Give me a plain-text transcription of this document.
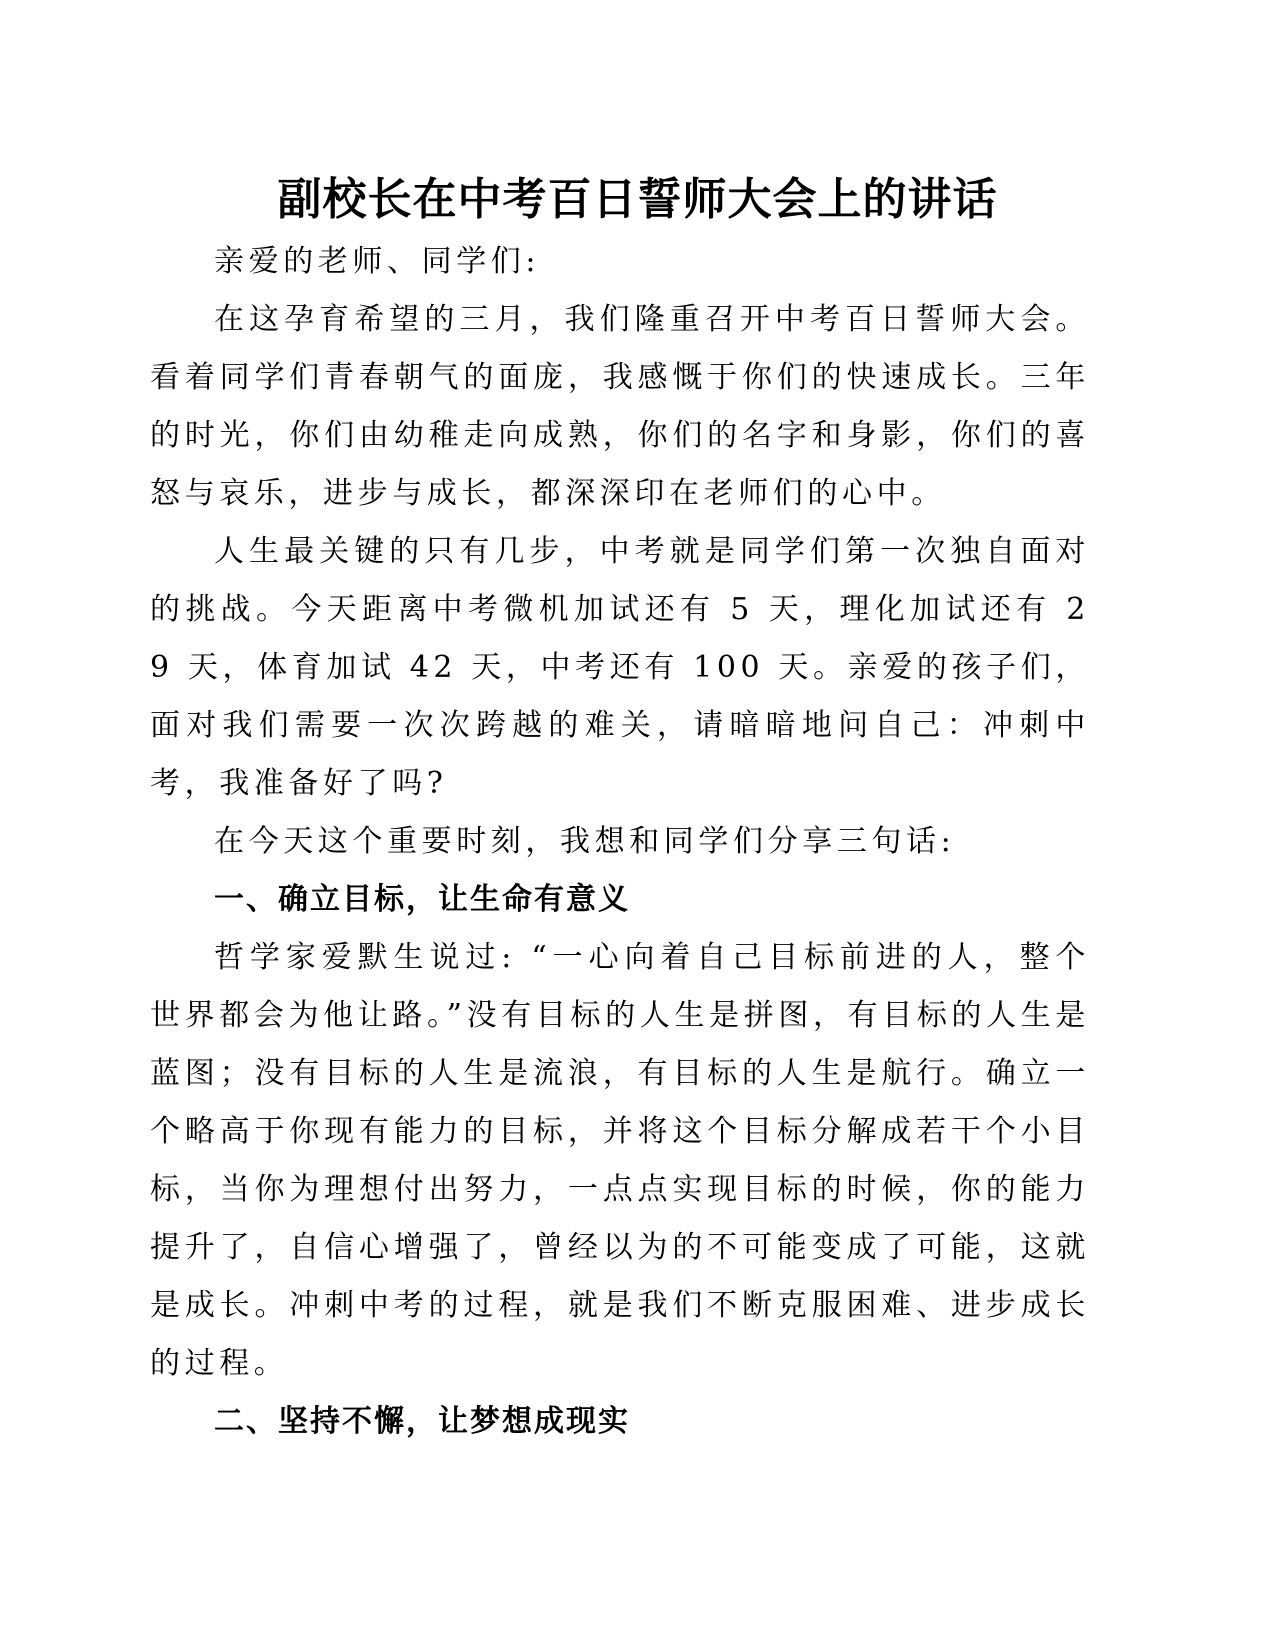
副校长在中考百日誓师大会上的讲话

亲爱的老师、同学们:

在这孕育希望的三月，我们隆重召开中考百日誓师大会。看着同学们青春朝气的面庞，我感慨于你们的快速成长。三年的时光，你们由幼稚走向成熟，你们的名字和身影，你们的喜怒与哀乐，进步与成长，都深深印在老师们的心中。

人生最关键的只有几步，中考就是同学们第一次独自面对的挑战。今天距离中考微机加试还有 5 天，理化加试还有 29 天，体育加试 42 天，中考还有 100 天。亲爱的孩子们，面对我们需要一次次跨越的难关，请暗暗地问自己：冲刺中考，我准备好了吗?

在今天这个重要时刻，我想和同学们分享三句话:

一、确立目标，让生命有意义

哲学家爱默生说过: “一心向着自己目标前进的人，整个世界都会为他让路。”没有目标的人生是拼图，有目标的人生是蓝图；没有目标的人生是流浪，有目标的人生是航行。确立一个略高于你现有能力的目标，并将这个目标分解成若干个小目标，当你为理想付出努力，一点点实现目标的时候，你的能力提升了，自信心增强了，曾经以为的不可能变成了可能，这就是成长。冲刺中考的过程，就是我们不断克服困难、进步成长的过程。

二、坚持不懈，让梦想成现实
